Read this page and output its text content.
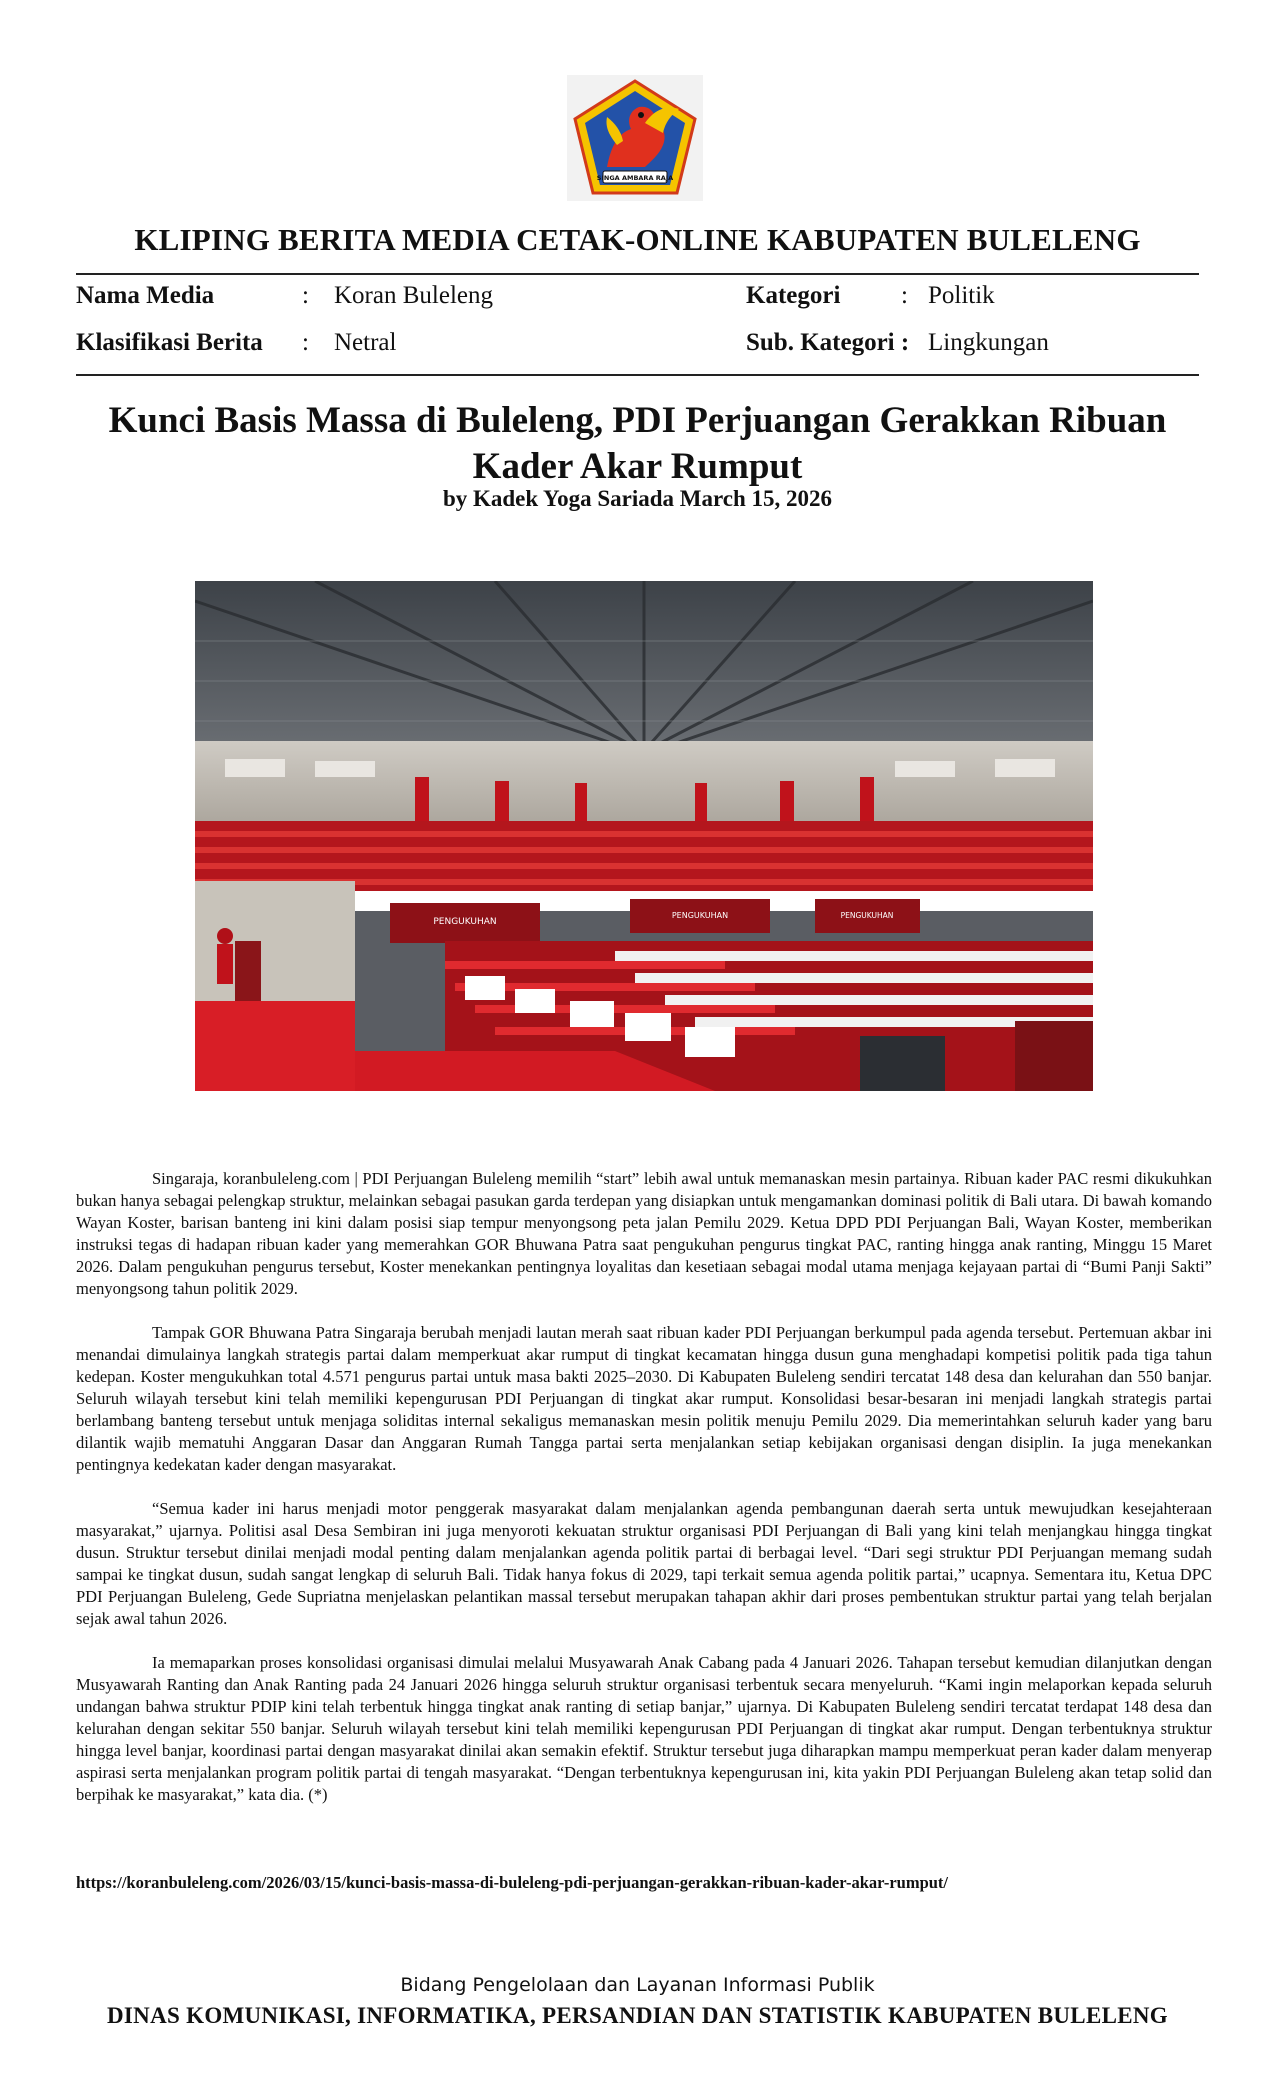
SINGA AMBARA RAJA
KLIPING BERITA MEDIA CETAK-ONLINE KABUPATEN BULELENG
Nama Media	: Koran Buleleng	Kategori : Politik
Klasifikasi Berita : Netral	Sub. Kategori : Lingkungan
Kunci Basis Massa di Buleleng, PDI Perjuangan Gerakkan Ribuan
Kader Akar Rumput
by Kadek Yoga Sariada March 15, 2026
PENGUKUHAN
PENGUKUHAN	PENGUKUHAN

Singaraja, koranbuleleng.com | PDI Perjuangan Buleleng memilih “start” lebih awal untuk memanaskan mesin partainya. Ribuan kader PAC resmi dikukuhkan bukan hanya sebagai pelengkap struktur, melainkan sebagai pasukan garda terdepan yang disiapkan untuk mengamankan dominasi politik di Bali utara. Di bawah komando Wayan Koster, barisan banteng ini kini dalam posisi siap tempur menyongsong peta jalan Pemilu 2029. Ketua DPD PDI Perjuangan Bali, Wayan Koster, memberikan instruksi tegas di hadapan ribuan kader yang memerahkan GOR Bhuwana Patra saat pengukuhan pengurus tingkat PAC, ranting hingga anak ranting, Minggu 15 Maret 2026. Dalam pengukuhan pengurus tersebut, Koster menekankan pentingnya loyalitas dan kesetiaan sebagai modal utama menjaga kejayaan partai di “Bumi Panji Sakti” menyongsong tahun politik 2029.

Tampak GOR Bhuwana Patra Singaraja berubah menjadi lautan merah saat ribuan kader PDI Perjuangan berkumpul pada agenda tersebut. Pertemuan akbar ini menandai dimulainya langkah strategis partai dalam memperkuat akar rumput di tingkat kecamatan hingga dusun guna menghadapi kompetisi politik pada tiga tahun kedepan. Koster mengukuhkan total 4.571 pengurus partai untuk masa bakti 2025–2030. Di Kabupaten Buleleng sendiri tercatat 148 desa dan kelurahan dan 550 banjar. Seluruh wilayah tersebut kini telah memiliki kepengurusan PDI Perjuangan di tingkat akar rumput. Konsolidasi besar-besaran ini menjadi langkah strategis partai berlambang banteng tersebut untuk menjaga soliditas internal sekaligus memanaskan mesin politik menuju Pemilu 2029. Dia memerintahkan seluruh kader yang baru dilantik wajib mematuhi Anggaran Dasar dan Anggaran Rumah Tangga partai serta menjalankan setiap kebijakan organisasi dengan disiplin. Ia juga menekankan pentingnya kedekatan kader dengan masyarakat.

“Semua kader ini harus menjadi motor penggerak masyarakat dalam menjalankan agenda pembangunan daerah serta untuk mewujudkan kesejahteraan masyarakat,” ujarnya. Politisi asal Desa Sembiran ini juga menyoroti kekuatan struktur organisasi PDI Perjuangan di Bali yang kini telah menjangkau hingga tingkat dusun. Struktur tersebut dinilai menjadi modal penting dalam menjalankan agenda politik partai di berbagai level. “Dari segi struktur PDI Perjuangan memang sudah sampai ke tingkat dusun, sudah sangat lengkap di seluruh Bali. Tidak hanya fokus di 2029, tapi terkait semua agenda politik partai,” ucapnya. Sementara itu, Ketua DPC PDI Perjuangan Buleleng, Gede Supriatna menjelaskan pelantikan massal tersebut merupakan tahapan akhir dari proses pembentukan struktur partai yang telah berjalan sejak awal tahun 2026.

Ia memaparkan proses konsolidasi organisasi dimulai melalui Musyawarah Anak Cabang pada 4 Januari 2026. Tahapan tersebut kemudian dilanjutkan dengan Musyawarah Ranting dan Anak Ranting pada 24 Januari 2026 hingga seluruh struktur organisasi terbentuk secara menyeluruh. “Kami ingin melaporkan kepada seluruh undangan bahwa struktur PDIP kini telah terbentuk hingga tingkat anak ranting di setiap banjar,” ujarnya. Di Kabupaten Buleleng sendiri tercatat terdapat 148 desa dan kelurahan dengan sekitar 550 banjar. Seluruh wilayah tersebut kini telah memiliki kepengurusan PDI Perjuangan di tingkat akar rumput. Dengan terbentuknya struktur hingga level banjar, koordinasi partai dengan masyarakat dinilai akan semakin efektif. Struktur tersebut juga diharapkan mampu memperkuat peran kader dalam menyerap aspirasi serta menjalankan program politik partai di tengah masyarakat. “Dengan terbentuknya kepengurusan ini, kita yakin PDI Perjuangan Buleleng akan tetap solid dan berpihak ke masyarakat,” kata dia. (*)

https://koranbuleleng.com/2026/03/15/kunci-basis-massa-di-buleleng-pdi-perjuangan-gerakkan-ribuan-kader-akar-rumput/
Bidang Pengelolaan dan Layanan Informasi Publik
DINAS KOMUNIKASI, INFORMATIKA, PERSANDIAN DAN STATISTIK KABUPATEN BULELENG
